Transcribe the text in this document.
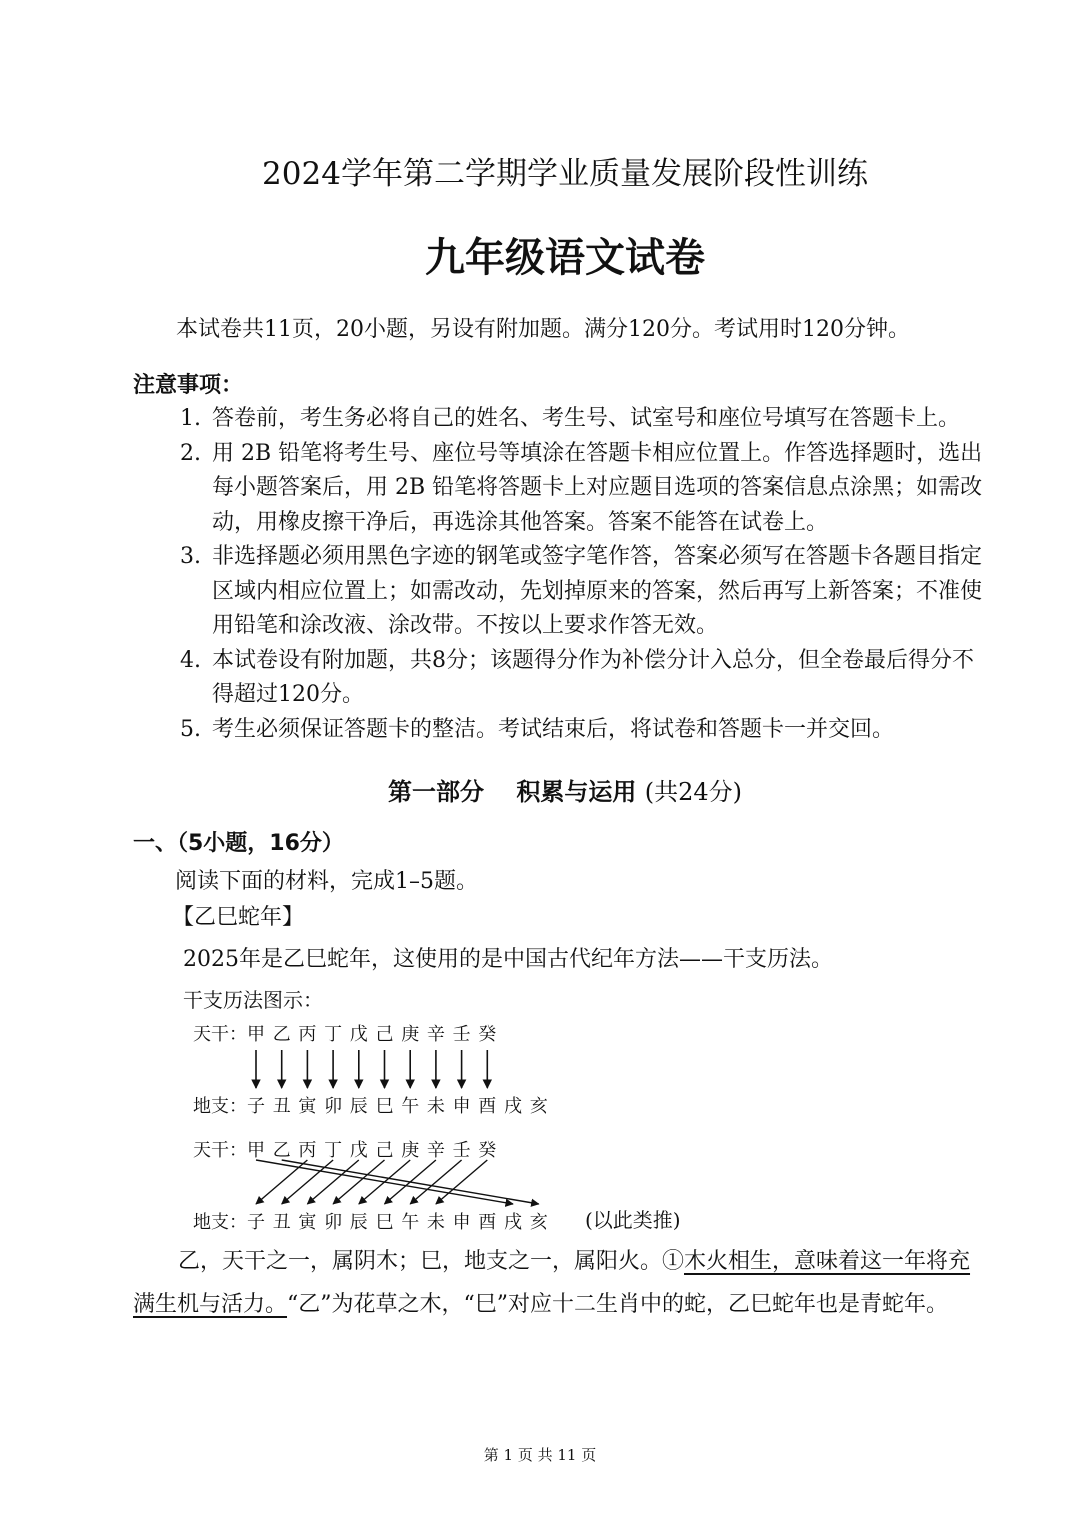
2024学年第二学期学业质量发展阶段性训练
九年级语文试卷
本试卷共11页，20小题，另设有附加题。满分120分。考试用时120分钟。
注意事项：
1. 答卷前，考生务必将自己的姓名、考生号、试室号和座位号填写在答题卡上。
2. 用 2B 铅笔将考生号、座位号等填涂在答题卡相应位置上。作答选择题时，选出每小题答案后，用 2B 铅笔将答题卡上对应题目选项的答案信息点涂黑；如需改动，用橡皮擦干净后，再选涂其他答案。答案不能答在试卷上。
3. 非选择题必须用黑色字迹的钢笔或签字笔作答，答案必须写在答题卡各题目指定区域内相应位置上；如需改动，先划掉原来的答案，然后再写上新答案；不准使用铅笔和涂改液、涂改带。不按以上要求作答无效。
4. 本试卷设有附加题，共8分；该题得分作为补偿分计入总分，但全卷最后得分不得超过120分。
5. 考生必须保证答题卡的整洁。考试结束后，将试卷和答题卡一并交回。
第一部分　 积累与运用 (共24分)
一、（5小题，16分）
阅读下面的材料，完成1–5题。
【乙巳蛇年】
2025年是乙巳蛇年，这使用的是中国古代纪年方法——干支历法。
干支历法图示：
天干： 甲 乙 丙 丁 戊 己 庚 辛 壬 癸
地支： 子 丑 寅 卯 辰 巳 午 未 申 酉 戌 亥
天干： 甲 乙 丙 丁 戊 己 庚 辛 壬 癸
地支： 子 丑 寅 卯 辰 巳 午 未 申 酉 戌 亥 (以此类推)
乙，天干之一，属阴木；巳，地支之一，属阳火。①木火相生，意味着这一年将充满生机与活力。“乙”为花草之木，“巳”对应十二生肖中的蛇，乙巳蛇年也是青蛇年。
第 1 页 共 11 页
